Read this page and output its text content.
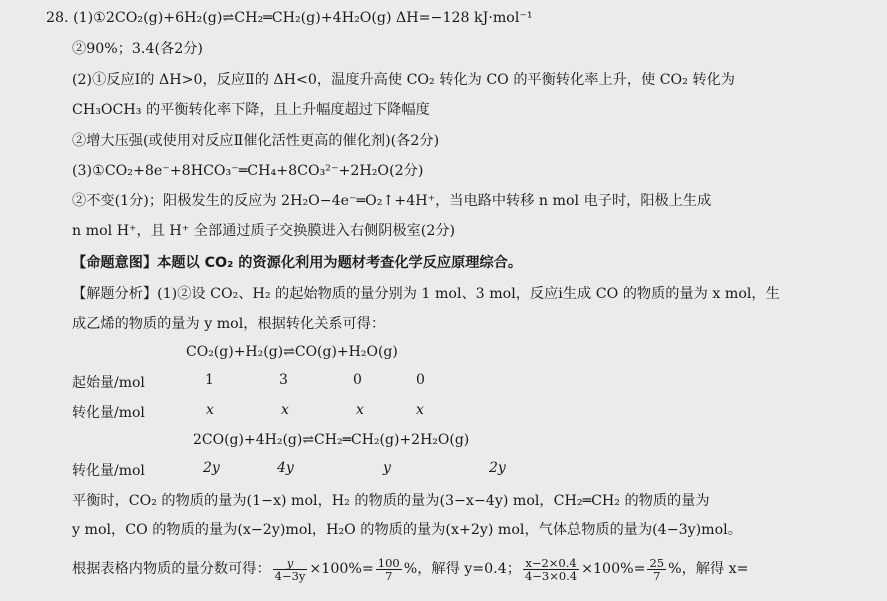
28. (1)①2CO₂(g)+6H₂(g)⇌CH₂═CH₂(g)+4H₂O(g) ΔH=−128 kJ·mol⁻¹
②90%；3.4(各2分)
(2)①反应Ⅰ的 ΔH>0，反应Ⅱ的 ΔH<0，温度升高使 CO₂ 转化为 CO 的平衡转化率上升，使 CO₂ 转化为
CH₃OCH₃ 的平衡转化率下降，且上升幅度超过下降幅度
②增大压强(或使用对反应Ⅱ催化活性更高的催化剂)(各2分)
(3)①CO₂+8e⁻+8HCO₃⁻═CH₄+8CO₃²⁻+2H₂O(2分)
②不变(1分)；阳极发生的反应为 2H₂O−4e⁻═O₂↑+4H⁺，当电路中转移 n mol 电子时，阳极上生成
n mol H⁺，且 H⁺ 全部通过质子交换膜进入右侧阴极室(2分)
【命题意图】本题以 CO₂ 的资源化利用为题材考查化学反应原理综合。
【解题分析】(1)②设 CO₂、H₂ 的起始物质的量分别为 1 mol、3 mol，反应ⅰ生成 CO 的物质的量为 x mol，生
成乙烯的物质的量为 y mol，根据转化关系可得：
CO₂(g)+H₂(g)⇌CO(g)+H₂O(g)
起始量/mol	1	3	0	0
转化量/mol	x	x	x	x
2CO(g)+4H₂(g)⇌CH₂═CH₂(g)+2H₂O(g)
转化量/mol	2y	4y	y	2y
平衡时，CO₂ 的物质的量为(1−x) mol，H₂ 的物质的量为(3−x−4y) mol，CH₂═CH₂ 的物质的量为
y mol，CO 的物质的量为(x−2y)mol，H₂O 的物质的量为(x+2y) mol，气体总物质的量为(4−3y)mol。
根据表格内物质的量分数可得： $\frac{y}{4-3y} \times 100\%= \frac{100}{7}$ %，解得 y=0.4； $\frac{x-2\times 0.4}{4-3\times 0.4} \times 100\%= \frac{25}{7}$ %，解得 x=
